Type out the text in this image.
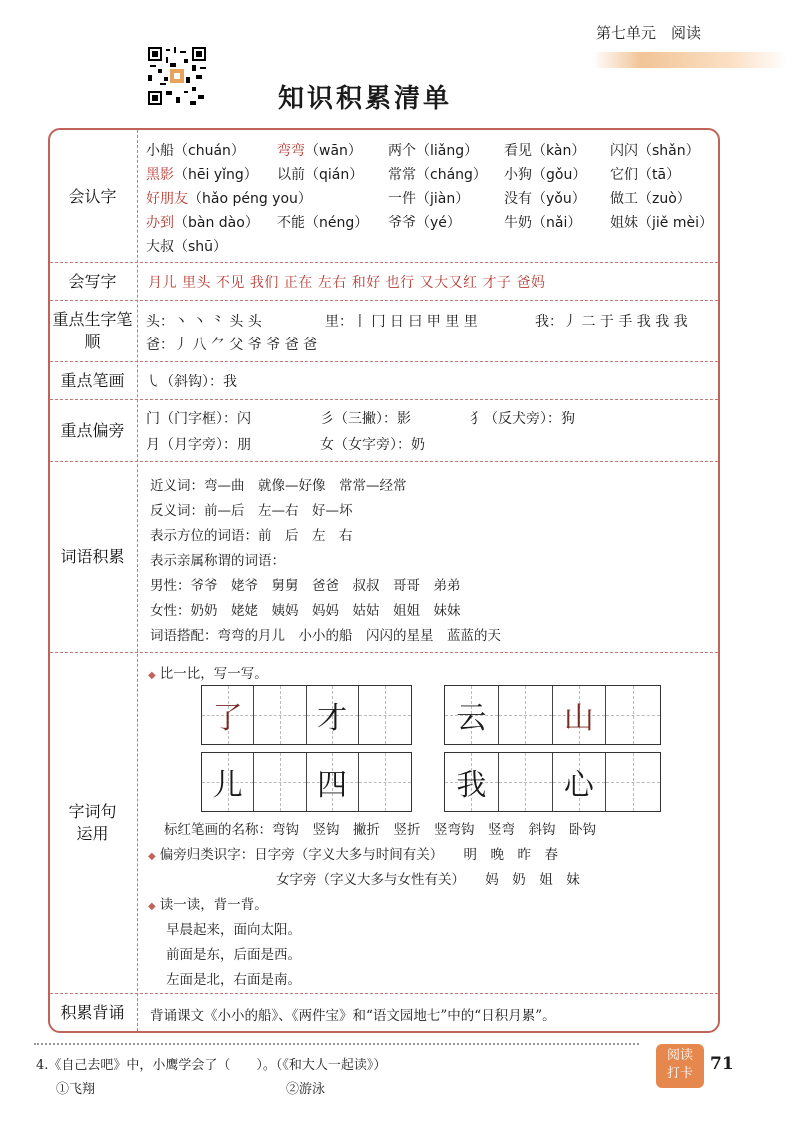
第七单元　阅读
知识积累清单
会认字
小船（chuán） 弯弯（wān） 两个（liǎng） 看见（kàn） 闪闪（shǎn）
黑影（hēi yǐng） 以前（qián） 常常（cháng） 小狗（gǒu） 它们（tā）
好朋友（hǎo péng you）	一件（jiàn） 没有（yǒu） 做工（zuò）
办到（bàn dào） 不能（néng） 爷爷（yé）	牛奶（nǎi） 姐妹（jiě mèi）
大叔（shū）
会写字	月儿 里头 不见 我们 正在 左右 和好 也行 又大又红 才子 爸妈
重点生字笔顺
头：丶 丶 ⺀ 头 头	里：丨 冂 日 曰 甲 里 里	我：丿 ⼆ 于 手 我 我 我
爸：丿 八 ⺈ 父 爷 爷 爸 爸
重点笔画	㇂（斜钩）：我
重点偏旁
门（门字框）：闪	彡（三撇）：影	犭（反犬旁）：狗
月（月字旁）：朋	女（女字旁）：奶
词语积累
近义词：弯—曲　就像—好像　常常—经常
反义词：前—后　左—右　好—坏
表示方位的词语：前　后　左　右
表示亲属称谓的词语：
男性：爷爷　姥爷　舅舅　爸爸　叔叔　哥哥　弟弟
女性：奶奶　姥姥　姨妈　妈妈　姑姑　姐姐　妹妹
词语搭配：弯弯的月儿　小小的船　闪闪的星星　蓝蓝的天
字词句运用
◆ 比一比，写一写。
了 才	云	山
儿 四	我	心
标红笔画的名称：弯钩　竖钩　撇折　竖折　竖弯钩　竖弯　斜钩　卧钩
◆ 偏旁归类识字：日字旁（字义大多与时间有关）　　明　晚　昨　春
女字旁（字义大多与女性有关）　　妈　奶　姐　妹
◆ 读一读，背一背。
早晨起来，面向太阳。
前面是东，后面是西。
左面是北，右面是南。
积累背诵	背诵课文《小小的船》、《两件宝》和“语文园地七”中的“日积月累”。
4.《自己去吧》中，小鹰学会了（　　）。（《和大人一起读》）
①飞翔	②游泳
阅读
打卡	71
